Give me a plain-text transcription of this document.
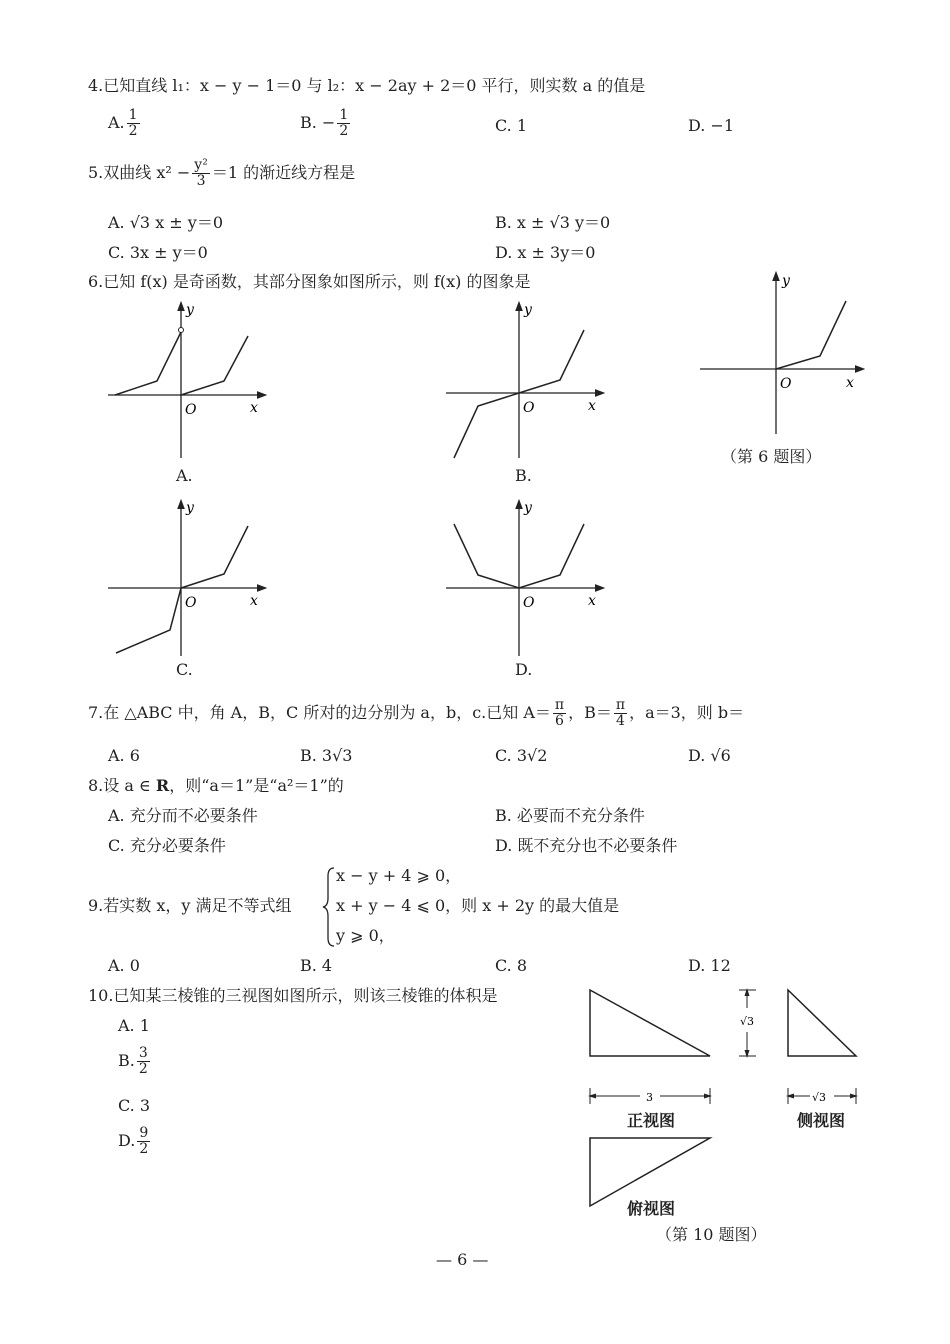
4.已知直线 l₁：x − y − 1＝0 与 l₂：x − 2ay + 2＝0 平行，则实数 a 的值是
A. $\frac{1}{2}$	B. − $\frac{1}{2}$	C. 1	D. −1
5.双曲线 $x^2 - \frac{\text{y²}}{3} =1$ 的渐近线方程是
A. √3 x ± y＝0	B. x ± √3 y＝0
C. 3x ± y＝0	D. x ± 3y＝0
6.已知 f(x) 是奇函数，其部分图象如图所示，则 f(x) 的图象是
y
x
O
A.
y
x
O
B.
y
x
O
（第 6 题图）
y
x
O
C.
y
x
O
D.
7.在 △ABC 中，角 A，B，C 所对的边分别为 a，b，c.已知 $A= \frac{\pi}{6}$ ，$B= \frac{\pi}{4}$ ，a＝3，则 b＝
A. 6	B. 3√3	C. 3√2	D. √6
8.设 a ∈ R，则“a＝1”是“a²＝1”的
A. 充分而不必要条件	B. 必要而不充分条件
C. 充分必要条件	D. 既不充分也不必要条件
9.若实数 x，y 满足不等式组
x − y + 4 ⩾ 0，
x + y − 4 ⩽ 0，则 x + 2y 的最大值是
y ⩾ 0，
A. 0	B. 4	C. 8	D. 12
10.已知某三棱锥的三视图如图所示，则该三棱锥的体积是
A. 1
B. $\frac{3}{2}$
C. 3
D. $\frac{9}{2}$
√3
3	√3
正视图	侧视图
俯视图
（第 10 题图）
— 6 —
